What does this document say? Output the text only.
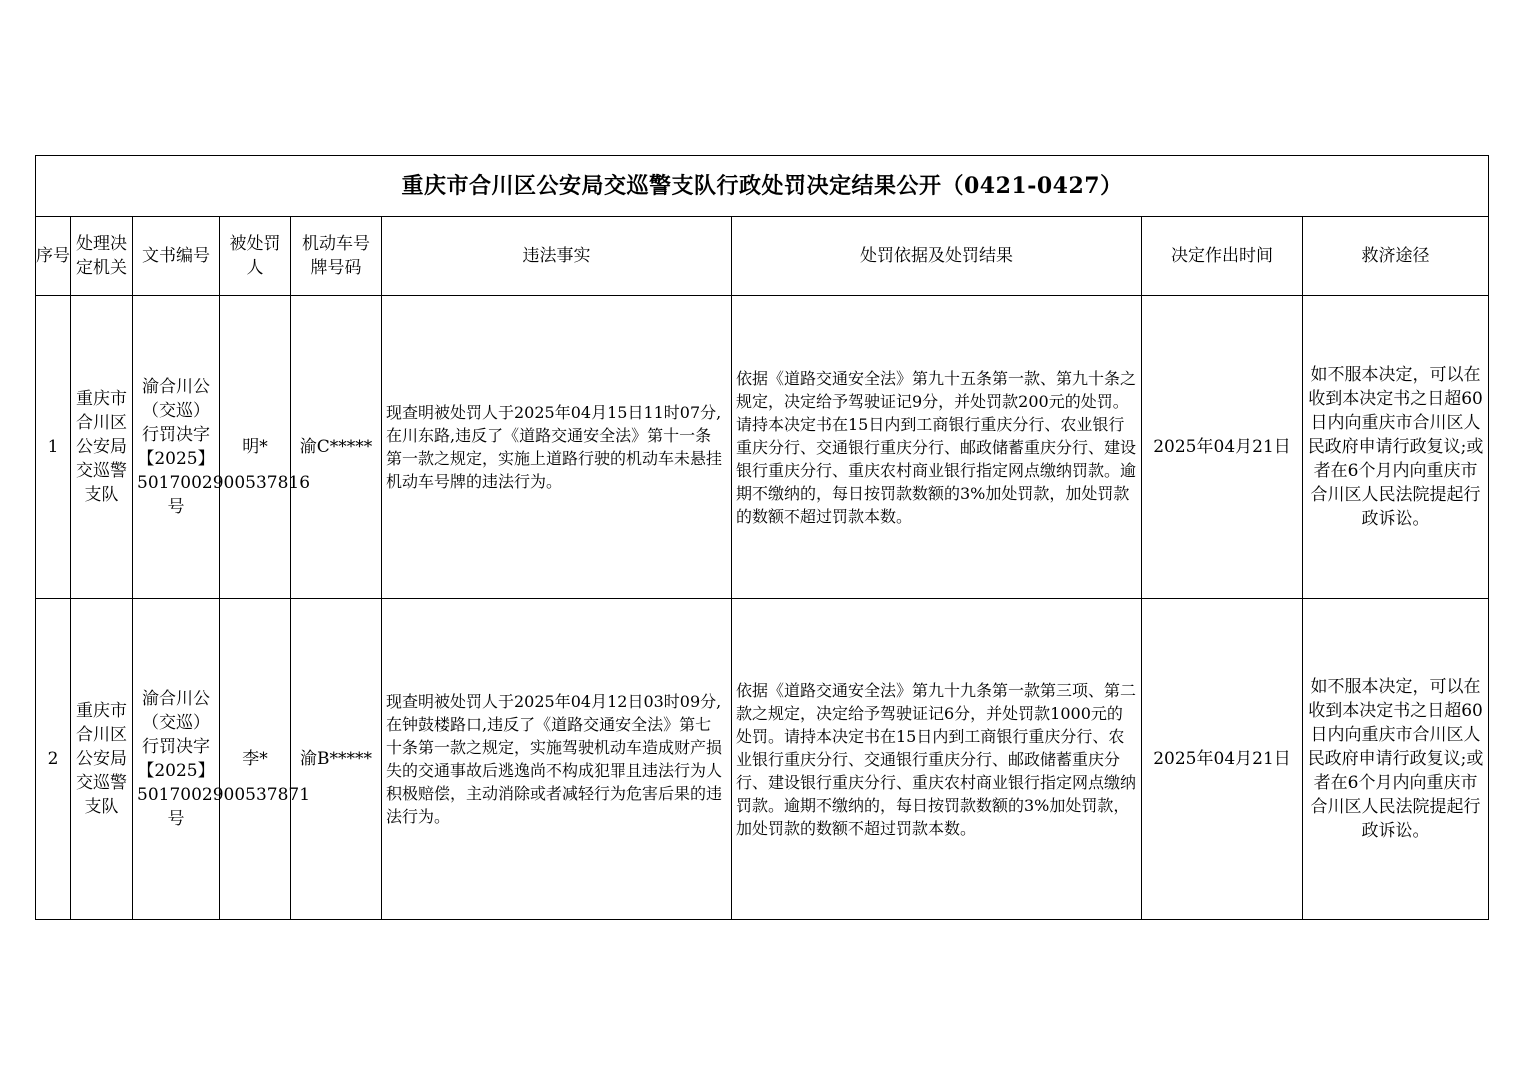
重庆市合川区公安局交巡警支队行政处罚决定结果公开（0421-0427）								
序号	处理决定机关	文书编号	被处罚人	机动车号牌号码	违法事实	处罚依据及处罚结果	决定作出时间	救济途径
1	重庆市合川区公安局交巡警支队	渝合川公（交巡）行罚决字【2025】5017002900537816号	明*	渝C*****	现查明被处罚人于2025年04月15日11时07分,在川东路,违反了《道路交通安全法》第十一条第一款之规定，实施上道路行驶的机动车未悬挂机动车号牌的违法行为。	依据《道路交通安全法》第九十五条第一款、第九十条之规定，决定给予驾驶证记9分，并处罚款200元的处罚。请持本决定书在15日内到工商银行重庆分行、农业银行重庆分行、交通银行重庆分行、邮政储蓄重庆分行、建设银行重庆分行、重庆农村商业银行指定网点缴纳罚款。逾期不缴纳的，每日按罚款数额的3%加处罚款，加处罚款的数额不超过罚款本数。	2025年04月21日	如不服本决定，可以在收到本决定书之日超60日内向重庆市合川区人民政府申请行政复议;或者在6个月内向重庆市合川区人民法院提起行政诉讼。
2	重庆市合川区公安局交巡警支队	渝合川公（交巡）行罚决字【2025】5017002900537871号	李*	渝B*****	现查明被处罚人于2025年04月12日03时09分,在钟鼓楼路口,违反了《道路交通安全法》第七十条第一款之规定，实施驾驶机动车造成财产损失的交通事故后逃逸尚不构成犯罪且违法行为人积极赔偿，主动消除或者减轻行为危害后果的违法行为。	依据《道路交通安全法》第九十九条第一款第三项、第二款之规定，决定给予驾驶证记6分，并处罚款1000元的处罚。请持本决定书在15日内到工商银行重庆分行、农业银行重庆分行、交通银行重庆分行、邮政储蓄重庆分行、建设银行重庆分行、重庆农村商业银行指定网点缴纳罚款。逾期不缴纳的，每日按罚款数额的3%加处罚款，加处罚款的数额不超过罚款本数。	2025年04月21日	如不服本决定，可以在收到本决定书之日超60日内向重庆市合川区人民政府申请行政复议;或者在6个月内向重庆市合川区人民法院提起行政诉讼。
